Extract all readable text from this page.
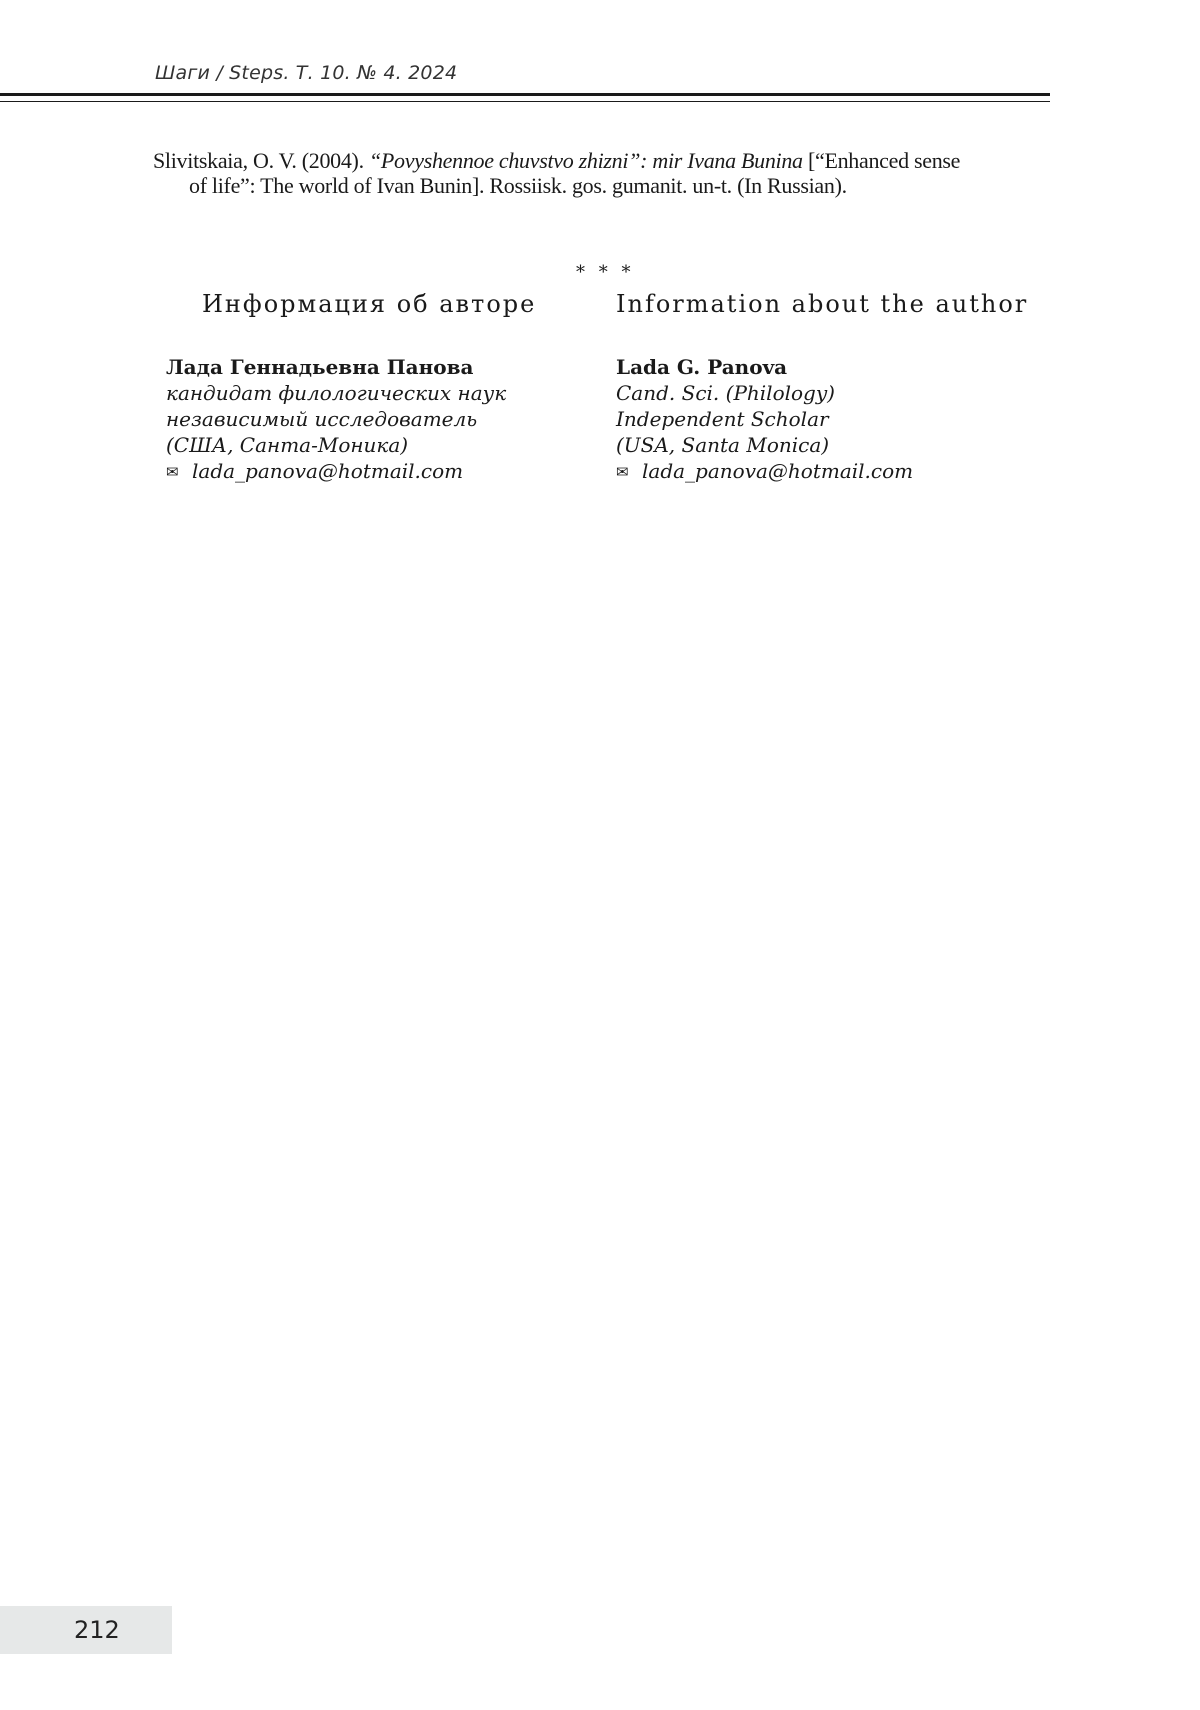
Шаги / Steps. Т. 10. № 4. 2024
Slivitskaia, O. V. (2004). “Povyshennoe chuvstvo zhizni”: mir Ivana Bunina [“Enhanced sense
of life”: The world of Ivan Bunin]. Rossiisk. gos. gumanit. un-t. (In Russian).
* * *
Информация об авторе
Лада Геннадьевна Панова
кандидат филологических наук
независимый исследователь
(США, Санта-Моника)
✉ lada_panova@hotmail.com
Information about the author
Lada G. Panova
Cand. Sci. (Philology)
Independent Scholar
(USA, Santa Monica)
✉ lada_panova@hotmail.com
212
